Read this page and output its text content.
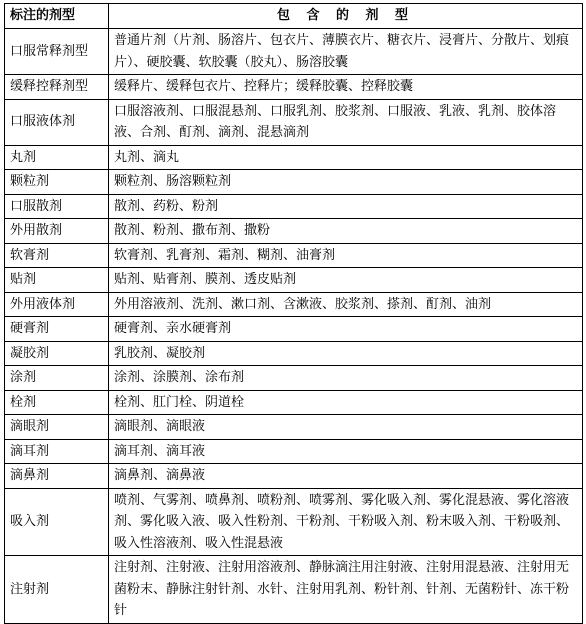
标注的剂型	包 含 的 剂 型
口服常释剂型	普通片剂（片剂、肠溶片、包衣片、薄膜衣片、糖衣片、浸膏片、分散片、划痕片）、硬胶囊、软胶囊（胶丸）、肠溶胶囊
缓释控释剂型	缓释片、缓释包衣片、控释片；缓释胶囊、控释胶囊
口服液体剂	口服溶液剂、口服混悬剂、口服乳剂、胶浆剂、口服液、乳液、乳剂、胶体溶液、合剂、酊剂、滴剂、混悬滴剂
丸剂	丸剂、滴丸
颗粒剂	颗粒剂、肠溶颗粒剂
口服散剂	散剂、药粉、粉剂
外用散剂	散剂、粉剂、撒布剂、撒粉
软膏剂	软膏剂、乳膏剂、霜剂、糊剂、油膏剂
贴剂	贴剂、贴膏剂、膜剂、透皮贴剂
外用液体剂	外用溶液剂、洗剂、漱口剂、含漱液、胶浆剂、搽剂、酊剂、油剂
硬膏剂	硬膏剂、亲水硬膏剂
凝胶剂	乳胶剂、凝胶剂
涂剂	涂剂、涂膜剂、涂布剂
栓剂	栓剂、肛门栓、阴道栓
滴眼剂	滴眼剂、滴眼液
滴耳剂	滴耳剂、滴耳液
滴鼻剂	滴鼻剂、滴鼻液
吸入剂	喷剂、气雾剂、喷鼻剂、喷粉剂、喷雾剂、雾化吸入剂、雾化混悬液、雾化溶液剂、雾化吸入液、吸入性粉剂、干粉剂、干粉吸入剂、粉末吸入剂、干粉吸剂、吸入性溶液剂、吸入性混悬液
注射剂	注射剂、注射液、注射用溶液剂、静脉滴注用注射液、注射用混悬液、注射用无菌粉末、静脉注射针剂、水针、注射用乳剂、粉针剂、针剂、无菌粉针、冻干粉针
